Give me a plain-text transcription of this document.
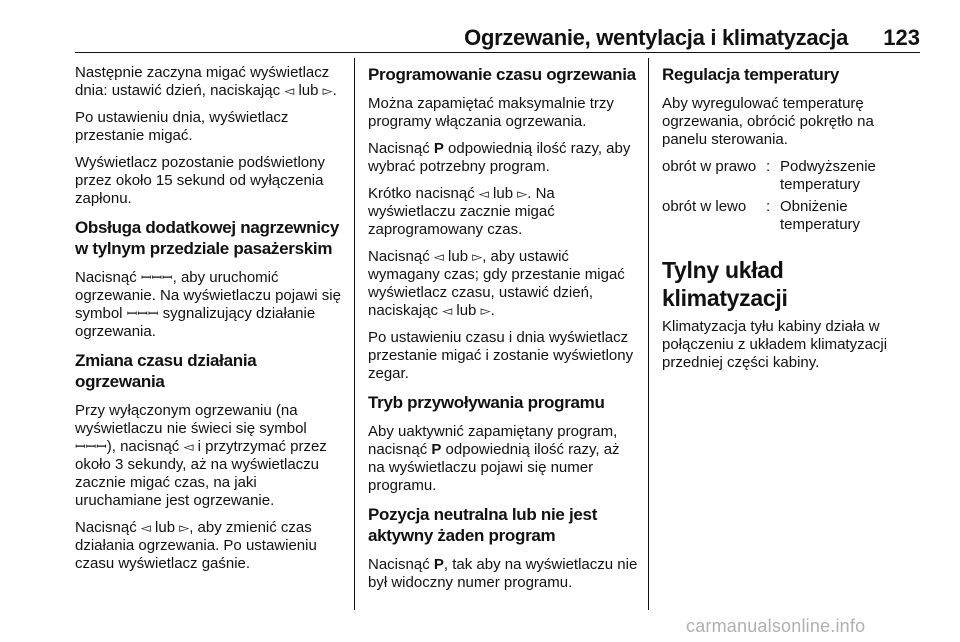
Ogrzewanie, wentylacja i klimatyzacja 123

Następnie zaczyna migać wyświetlacz dnia: ustawić dzień, naciskając ◅ lub ▻.

Po ustawieniu dnia, wyświetlacz przestanie migać.

Wyświetlacz pozostanie podświetlony przez około 15 sekund od wyłączenia zapłonu.

Obsługa dodatkowej nagrzewnicy w tylnym przedziale pasażerskim

Nacisnąć ꟷꟷꟷ, aby uruchomić ogrzewanie. Na wyświetlaczu pojawi się symbol ꟷꟷꟷ sygnalizujący działanie ogrzewania.

Zmiana czasu działania ogrzewania

Przy wyłączonym ogrzewaniu (na wyświetlaczu nie świeci się symbol ꟷꟷꟷ), nacisnąć ◅ i przytrzymać przez około 3 sekundy, aż na wyświetlaczu zacznie migać czas, na jaki uruchamiane jest ogrzewanie.

Nacisnąć ◅ lub ▻, aby zmienić czas działania ogrzewania. Po ustawieniu czasu wyświetlacz gaśnie.

Programowanie czasu ogrzewania

Można zapamiętać maksymalnie trzy programy włączania ogrzewania.

Nacisnąć P odpowiednią ilość razy, aby wybrać potrzebny program.

Krótko nacisnąć ◅ lub ▻. Na wyświetlaczu zacznie migać zaprogramowany czas.

Nacisnąć ◅ lub ▻, aby ustawić wymagany czas; gdy przestanie migać wyświetlacz czasu, ustawić dzień, naciskając ◅ lub ▻.

Po ustawieniu czasu i dnia wyświetlacz przestanie migać i zostanie wyświetlony zegar.

Tryb przywoływania programu

Aby uaktywnić zapamiętany program, nacisnąć P odpowiednią ilość razy, aż na wyświetlaczu pojawi się numer programu.

Pozycja neutralna lub nie jest aktywny żaden program

Nacisnąć P, tak aby na wyświetlaczu nie był widoczny numer programu.

Regulacja temperatury

Aby wyregulować temperaturę ogrzewania, obrócić pokrętło na panelu sterowania.

obrót w prawo	:	Podwyższenie temperatury
obrót w lewo	:	Obniżenie temperatury
Tylny układ klimatyzacji

Klimatyzacja tyłu kabiny działa w połączeniu z układem klimatyzacji przedniej części kabiny.

carmanualsonline.info
